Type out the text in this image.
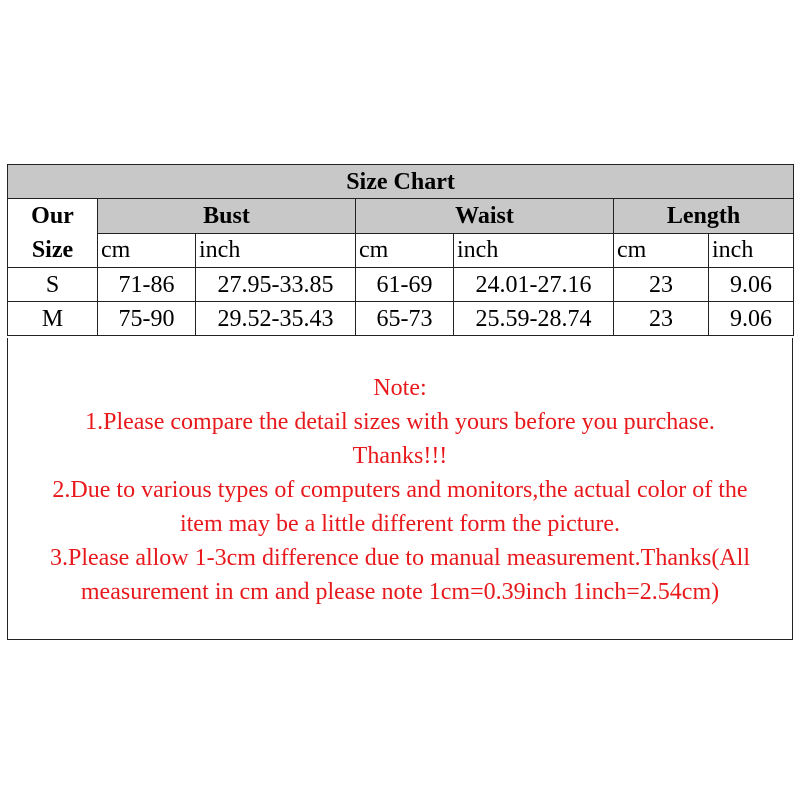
Size Chart						

Our
Size	Bust		Waist		Length	
	cm	inch	cm	inch	cm	inch
S	71-86	27.95-33.85	61-69	24.01-27.16	23	9.06
M	75-90	29.52-35.43	65-73	25.59-28.74	23	9.06
Note:
1.Please compare the detail sizes with yours before you purchase.
Thanks!!!
2.Due to various types of computers and monitors,the actual color of the
item may be a little different form the picture.
3.Please allow 1-3cm difference due to manual measurement.Thanks(All
measurement in cm and please note 1cm=0.39inch 1inch=2.54cm)
